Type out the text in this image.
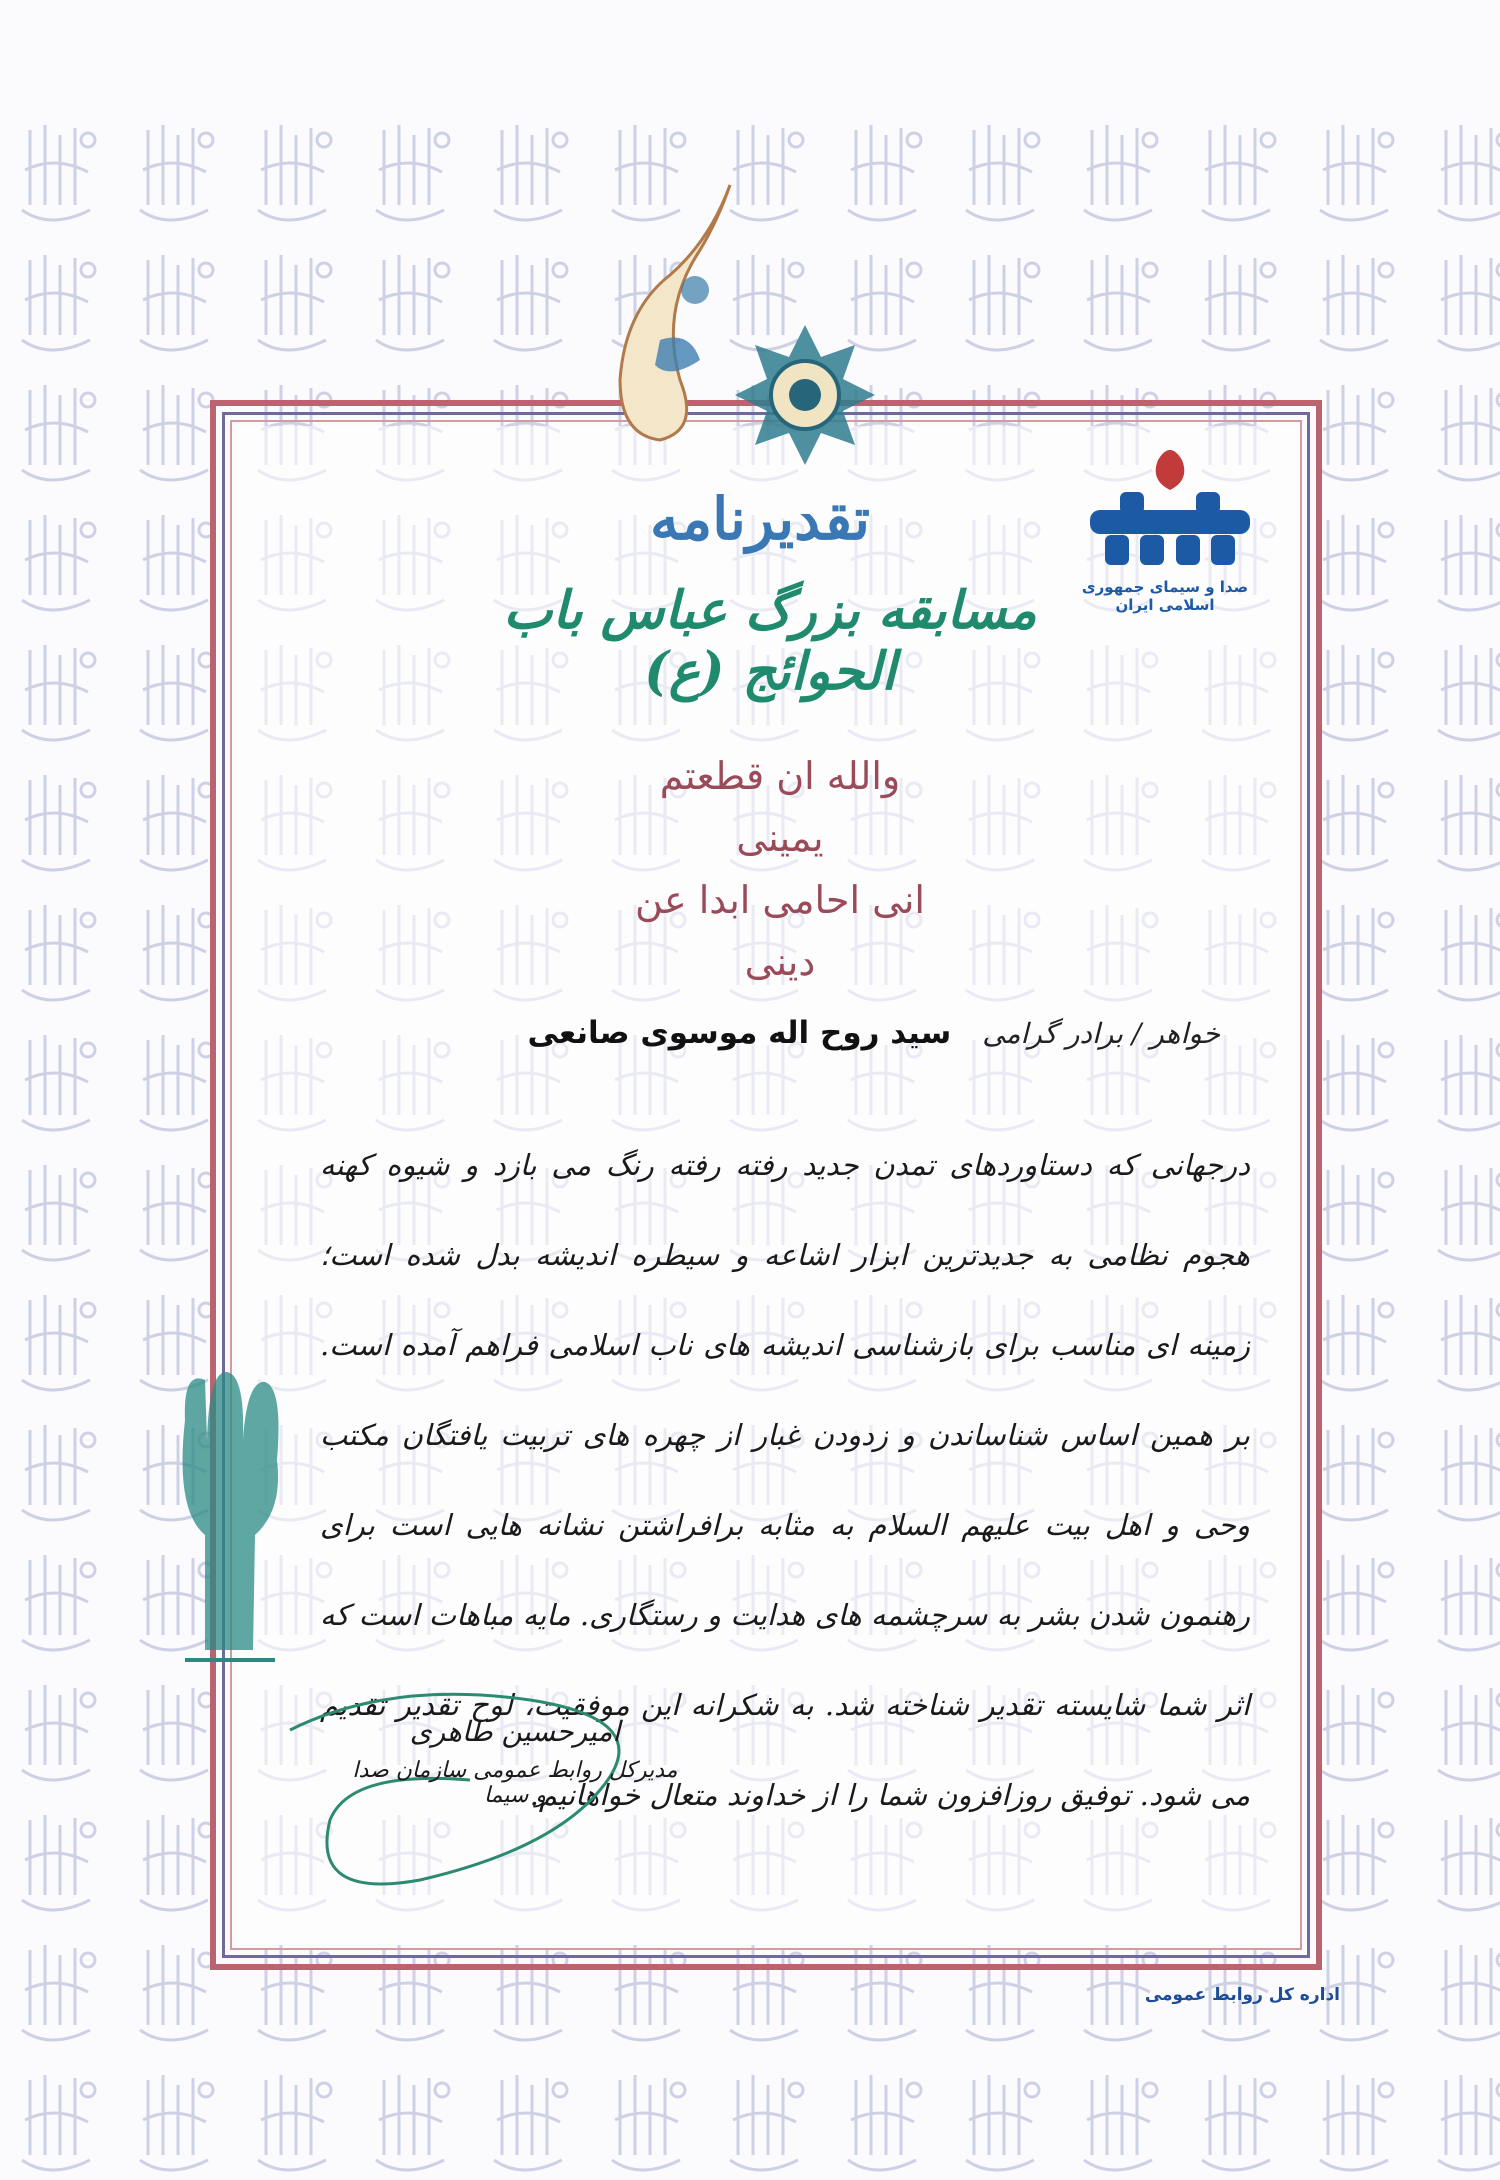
صدا و سیمای جمهوری اسلامی ایران
تقدیرنامه
مسابقه بزرگ عباس باب الحوائج (ع)
والله ان قطعتم یمینی
انی احامی ابدا عن دینی
خواهر / برادر گرامی سید روح اله موسوی صانعی
درجهانی که دستاوردهای تمدن جدید رفته رفته رنگ می بازد و شیوه کهنه هجوم نظامی به جدیدترین ابزار اشاعه و سیطره اندیشه بدل شده است؛ زمینه ای مناسب برای بازشناسی اندیشه های ناب اسلامی فراهم آمده است. بر همین اساس شناساندن و زدودن غبار از چهره های تربیت یافتگان مکتب وحی و اهل بیت علیهم السلام به مثابه برافراشتن نشانه هایی است برای رهنمون شدن بشر به سرچشمه های هدایت و رستگاری. مایه مباهات است که اثر شما شایسته تقدیر شناخته شد. به شکرانه این موفقیت، لوح تقدیر تقدیم می شود. توفیق روزافزون شما را از خداوند متعال خواهانیم.
امیرحسین طاهری
مدیرکل روابط عمومی سازمان صدا و سیما
اداره کل روابط عمومی
